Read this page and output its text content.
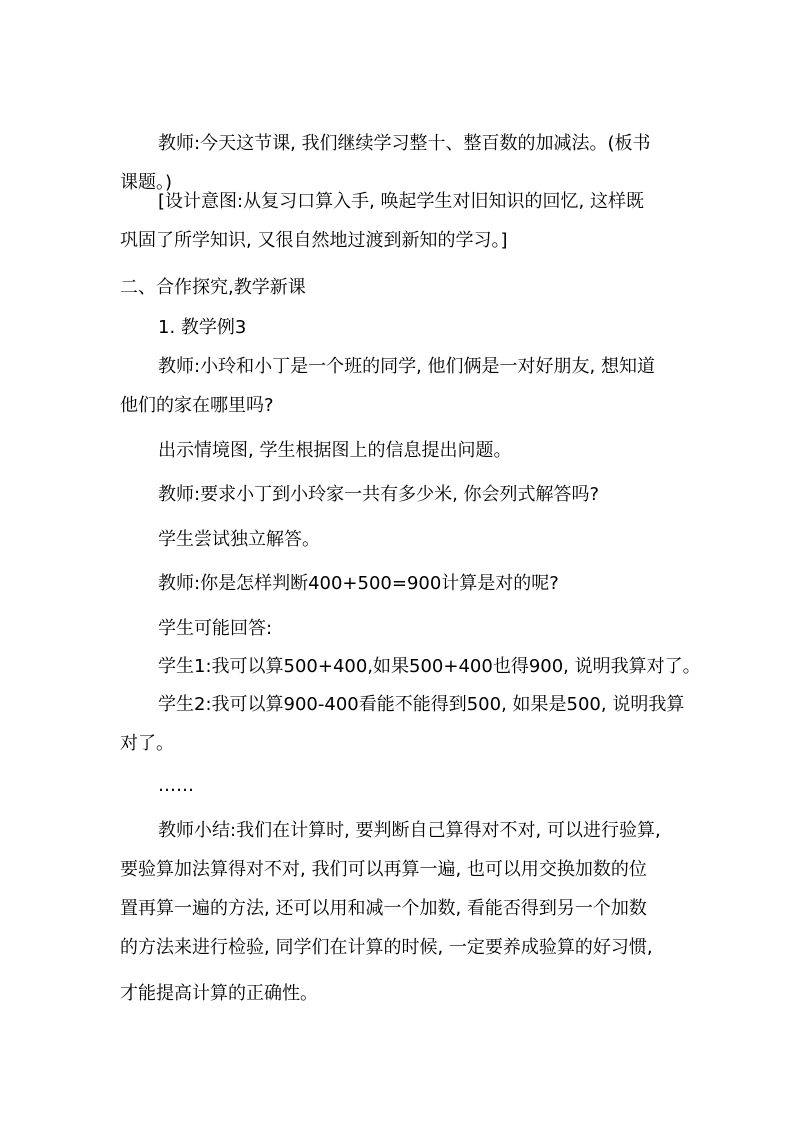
教师:今天这节课, 我们继续学习整十、整百数的加减法。(板书
课题。)
[设计意图:从复习口算入手, 唤起学生对旧知识的回忆, 这样既
巩固了所学知识, 又很自然地过渡到新知的学习。]
二、合作探究,教学新课
1. 教学例3
教师:小玲和小丁是一个班的同学, 他们俩是一对好朋友, 想知道
他们的家在哪里吗?
出示情境图, 学生根据图上的信息提出问题。
教师:要求小丁到小玲家一共有多少米, 你会列式解答吗?
学生尝试独立解答。
教师:你是怎样判断400+500=900计算是对的呢?
学生可能回答:
学生1:我可以算500+400,如果500+400也得900, 说明我算对了。
学生2:我可以算900-400看能不能得到500, 如果是500, 说明我算
对了。
……
教师小结:我们在计算时, 要判断自己算得对不对, 可以进行验算,
要验算加法算得对不对, 我们可以再算一遍, 也可以用交换加数的位
置再算一遍的方法, 还可以用和减一个加数, 看能否得到另一个加数
的方法来进行检验, 同学们在计算的时候, 一定要养成验算的好习惯,
才能提高计算的正确性。
